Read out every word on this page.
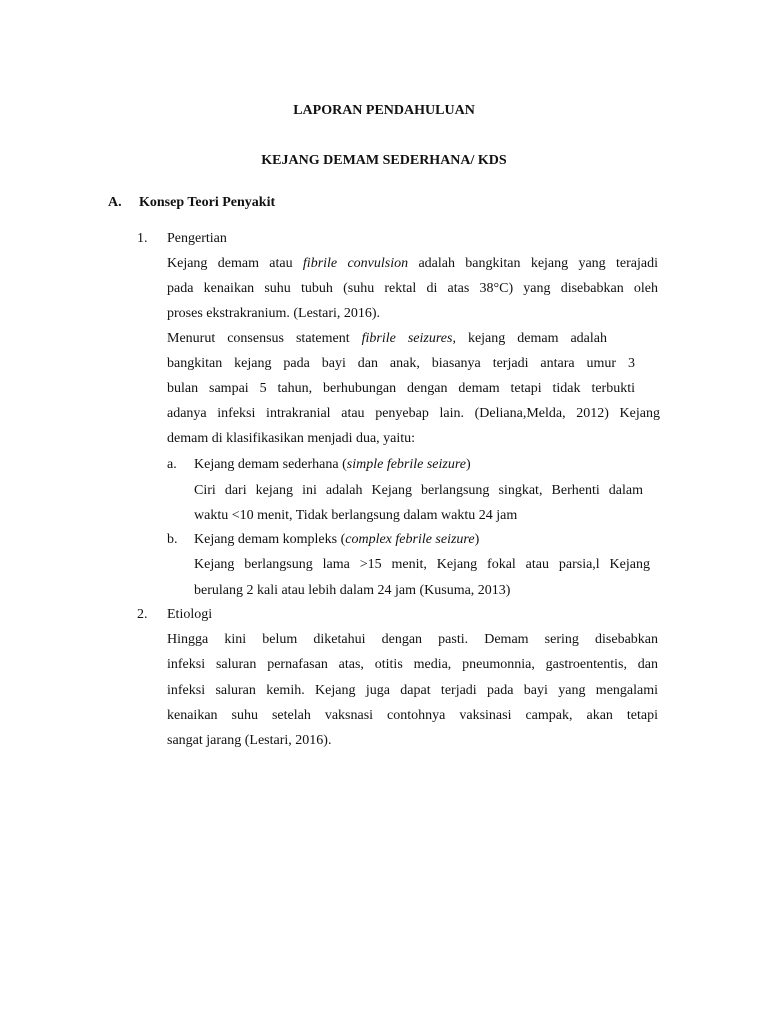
LAPORAN PENDAHULUAN
KEJANG DEMAM SEDERHANA/ KDS
A. Konsep Teori Penyakit
1. Pengertian
Kejang demam atau fibrile convulsion adalah bangkitan kejang yang terajadi
pada kenaikan suhu tubuh (suhu rektal di atas 38°C) yang disebabkan oleh
proses ekstrakranium. (Lestari, 2016).
Menurut consensus statement fibrile seizures, kejang demam adalah
bangkitan kejang pada bayi dan anak, biasanya terjadi antara umur 3
bulan sampai 5 tahun, berhubungan dengan demam tetapi tidak terbukti
adanya infeksi intrakranial atau penyebap lain. (Deliana,Melda, 2012) Kejang
demam di klasifikasikan menjadi dua, yaitu:
a. Kejang demam sederhana (simple febrile seizure)
Ciri dari kejang ini adalah Kejang berlangsung singkat, Berhenti dalam
waktu <10 menit, Tidak berlangsung dalam waktu 24 jam
b. Kejang demam kompleks (complex febrile seizure)
Kejang berlangsung lama >15 menit, Kejang fokal atau parsia,l Kejang
berulang 2 kali atau lebih dalam 24 jam (Kusuma, 2013)
2. Etiologi
Hingga kini belum diketahui dengan pasti. Demam sering disebabkan
infeksi saluran pernafasan atas, otitis media, pneumonnia, gastroententis, dan
infeksi saluran kemih. Kejang juga dapat terjadi pada bayi yang mengalami
kenaikan suhu setelah vaksnasi contohnya vaksinasi campak, akan tetapi
sangat jarang (Lestari, 2016).
